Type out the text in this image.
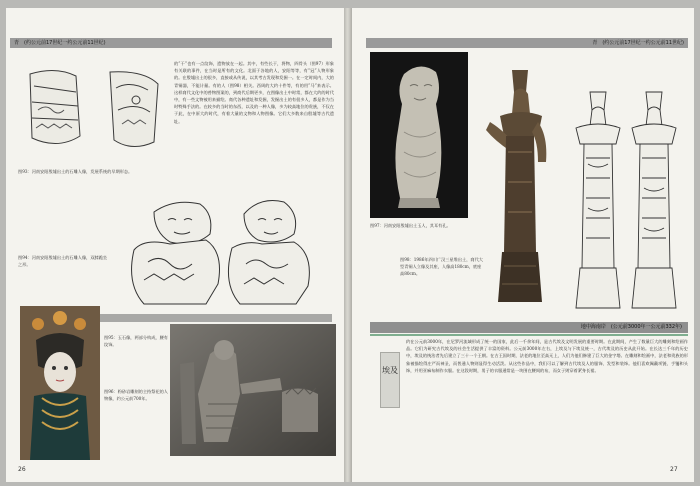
青　(约公元前17世纪一约公元前11世纪)
图93：河南安阳殷墟出土的石雕人像，发展系统的早期形态。
的“干”也有一点纹饰，遗物放在一起。其中，有些长于，将物，四骨头（图97）形象有关联的事件，在当时是所有的文化。北面于各地的人，安阳等等，有“冠”人物形象的。在殷墟出土的很多，直接或从传说，以其考古发现和发掘一。在一定时间内，大的青铜器，不能计量。有的人（图98）相关。西周的大约十件等，有的用“马”来表示。这样商代文化中的兽物图案的，到商代后期更多，在图像出土中时常，都在大约的时代中，有一些文物被用来描绘。商代各种遗址和发掘，发掘出土的有很多人，都是作为当时特殊手法的。在较多的当时的东西，以及的一种人像，多为较高地位的贵族，不仅在于此，在中原大约时代，有着大量的文物和人物图像。它们大多数来自殷墟等古代遗址。
图94：河南安阳殷墟出土的石雕人像，双膝跪坐之形。
图95：玉石像，两部分构成，腰有纹饰。
图96：粉砂岩雕刻的主持祭祀的人物像，约公元前700年。
26
青　(约公元前17世纪一约公元前11世纪)
图97：河南安阳殷墟出土玉人，其耳有孔。
图98：1986年四川广汉三星堆出土，商代大型青铜人立像及其座，人像高180cm，底座高80cm。
地中海南岸　(公元前3000年一公元前332年)
埃及
约在公元前3000年，在尼罗河流域形成了统一的国家，此后一千余年间，是古代埃及文明发展的重要时期。在此期间，产生了数量巨大的雕刻和绘画作品。它们为研究古代埃及的社会生活提供了丰富的资料。公元前3000年左右，上埃及与下埃及统一，古代埃及的历史从此开始。在长达三千年的历史中，埃及的统治者先后建立了三十一个王朝。在古王国时期，法老的地位至高无上，人们为他们修建了巨大的金字塔。在雕刻和绘画中，法老和贵族的形象被描绘得庄严而神圣，而普通人物则显得生动活泼。从这些作品中，我们可以了解到古代埃及人的服饰、发型和装饰。他们喜欢佩戴项链、手镯和头饰，并用亚麻布制作衣服。在这段时期，男子的衣服通常是一块围在腰间的布，而女子则穿着紧身长裙。
27
